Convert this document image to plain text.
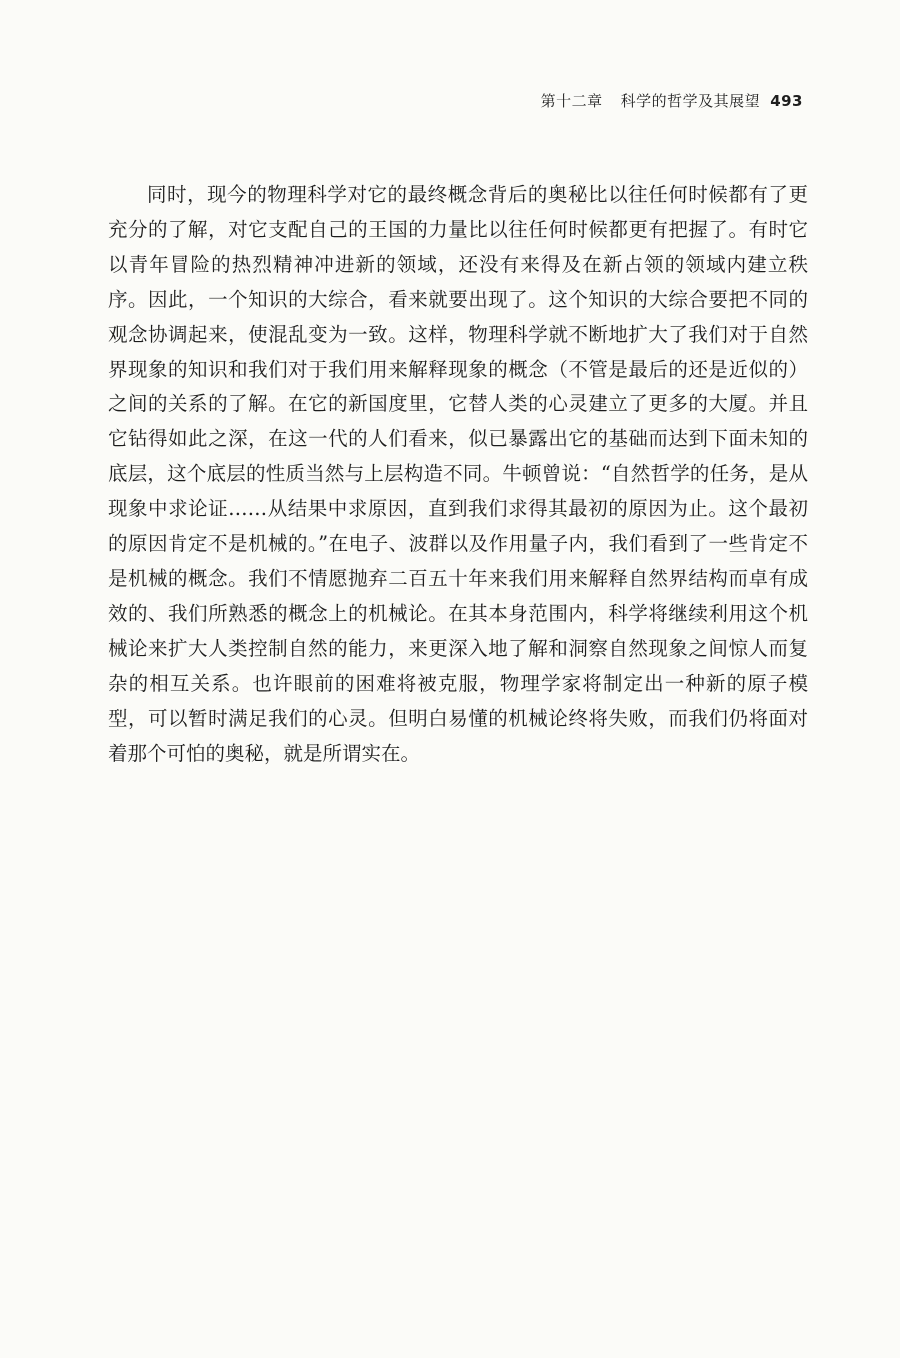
第十二章 科学的哲学及其展望 493

同时，现今的物理科学对它的最终概念背后的奥秘比以往任何时候都有了更充分的了解，对它支配自己的王国的力量比以往任何时候都更有把握了。有时它以青年冒险的热烈精神冲进新的领域，还没有来得及在新占领的领域内建立秩序。因此，一个知识的大综合，看来就要出现了。这个知识的大综合要把不同的观念协调起来，使混乱变为一致。这样，物理科学就不断地扩大了我们对于自然界现象的知识和我们对于我们用来解释现象的概念（不管是最后的还是近似的）之间的关系的了解。在它的新国度里，它替人类的心灵建立了更多的大厦。并且它钻得如此之深，在这一代的人们看来，似已暴露出它的基础而达到下面未知的底层，这个底层的性质当然与上层构造不同。牛顿曾说：“自然哲学的任务，是从现象中求论证……从结果中求原因，直到我们求得其最初的原因为止。这个最初的原因肯定不是机械的。”在电子、波群以及作用量子内，我们看到了一些肯定不是机械的概念。我们不情愿抛弃二百五十年来我们用来解释自然界结构而卓有成效的、我们所熟悉的概念上的机械论。在其本身范围内，科学将继续利用这个机械论来扩大人类控制自然的能力，来更深入地了解和洞察自然现象之间惊人而复杂的相互关系。也许眼前的困难将被克服，物理学家将制定出一种新的原子模型，可以暂时满足我们的心灵。但明白易懂的机械论终将失败，而我们仍将面对着那个可怕的奥秘，就是所谓实在。
